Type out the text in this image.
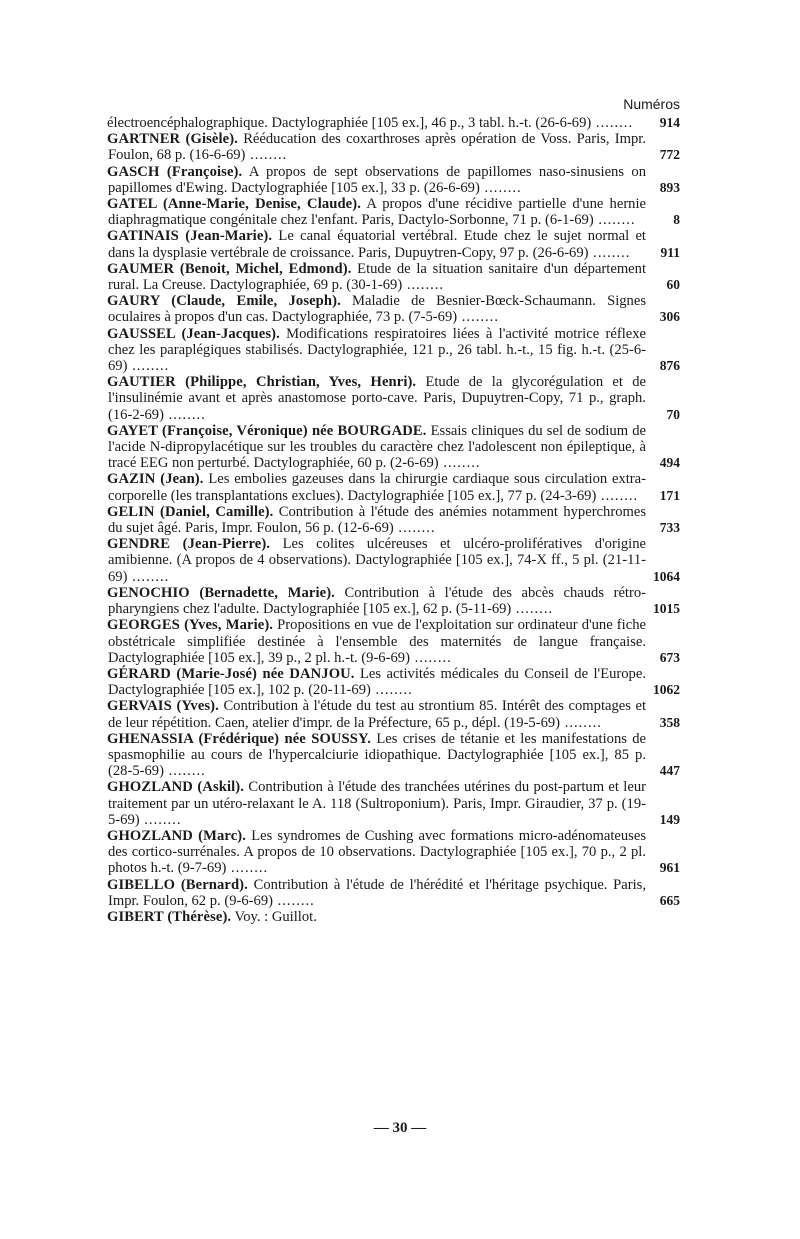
Numéros
électroencéphalographique. Dactylographiée [105 ex.], 46 p., 3 tabl. h.-t. (26-6-69) ........	914
GARTNER (Gisèle). Rééducation des coxarthroses après opération de Voss. Paris, Impr. Foulon, 68 p. (16-6-69) ........	772
GASCH (Françoise). A propos de sept observations de papillomes naso-sinusiens on papillomes d'Ewing. Dactylographiée [105 ex.], 33 p. (26-6-69) ........	893
GATEL (Anne-Marie, Denise, Claude). A propos d'une récidive partielle d'une hernie diaphragmatique congénitale chez l'enfant. Paris, Dactylo-Sorbonne, 71 p. (6-1-69) ........	8
GATINAIS (Jean-Marie). Le canal équatorial vertébral. Etude chez le sujet normal et dans la dysplasie vertébrale de croissance. Paris, Dupuytren-Copy, 97 p. (26-6-69) ........	911
GAUMER (Benoit, Michel, Edmond). Etude de la situation sanitaire d'un département rural. La Creuse. Dactylographiée, 69 p. (30-1-69) ........	60
GAURY (Claude, Emile, Joseph). Maladie de Besnier-Bœck-Schaumann. Signes oculaires à propos d'un cas. Dactylographiée, 73 p. (7-5-69) ........	306
GAUSSEL (Jean-Jacques). Modifications respiratoires liées à l'activité motrice réflexe chez les paraplégiques stabilisés. Dactylographiée, 121 p., 26 tabl. h.-t., 15 fig. h.-t. (25-6-69) ........	876
GAUTIER (Philippe, Christian, Yves, Henri). Etude de la glycorégulation et de l'insulinémie avant et après anastomose porto-cave. Paris, Dupuytren-Copy, 71 p., graph. (16-2-69) ........	70
GAYET (Françoise, Véronique) née BOURGADE. Essais cliniques du sel de sodium de l'acide N-dipropylacétique sur les troubles du caractère chez l'adolescent non épileptique, à tracé EEG non perturbé. Dactylographiée, 60 p. (2-6-69) ........	494
GAZIN (Jean). Les embolies gazeuses dans la chirurgie cardiaque sous circulation extra-corporelle (les transplantations exclues). Dactylographiée [105 ex.], 77 p. (24-3-69) ........	171
GELIN (Daniel, Camille). Contribution à l'étude des anémies notamment hyperchromes du sujet âgé. Paris, Impr. Foulon, 56 p. (12-6-69) ........	733
GENDRE (Jean-Pierre). Les colites ulcéreuses et ulcéro-prolifératives d'origine amibienne. (A propos de 4 observations). Dactylographiée [105 ex.], 74-X ff., 5 pl. (21-11-69) ........	1064
GENOCHIO (Bernadette, Marie). Contribution à l'étude des abcès chauds rétro-pharyngiens chez l'adulte. Dactylographiée [105 ex.], 62 p. (5-11-69) ........	1015
GEORGES (Yves, Marie). Propositions en vue de l'exploitation sur ordinateur d'une fiche obstétricale simplifiée destinée à l'ensemble des maternités de langue française. Dactylographiée [105 ex.], 39 p., 2 pl. h.-t. (9-6-69) ........	673
GÉRARD (Marie-José) née DANJOU. Les activités médicales du Conseil de l'Europe. Dactylographiée [105 ex.], 102 p. (20-11-69) ........	1062
GERVAIS (Yves). Contribution à l'étude du test au strontium 85. Intérêt des comptages et de leur répétition. Caen, atelier d'impr. de la Préfecture, 65 p., dépl. (19-5-69) ........	358
GHENASSIA (Frédérique) née SOUSSY. Les crises de tétanie et les manifestations de spasmophilie au cours de l'hypercalciurie idiopathique. Dactylographiée [105 ex.], 85 p. (28-5-69) ........	447
GHOZLAND (Askil). Contribution à l'étude des tranchées utérines du post-partum et leur traitement par un utéro-relaxant le A. 118 (Sultroponium). Paris, Impr. Giraudier, 37 p. (19-5-69) ........	149
GHOZLAND (Marc). Les syndromes de Cushing avec formations micro-adénomateuses des cortico-surrénales. A propos de 10 observations. Dactylographiée [105 ex.], 70 p., 2 pl. photos h.-t. (9-7-69) ........	961
GIBELLO (Bernard). Contribution à l'étude de l'hérédité et l'héritage psychique. Paris, Impr. Foulon, 62 p. (9-6-69) ........	665
GIBERT (Thérèse). Voy. : Guillot.
— 30 —
